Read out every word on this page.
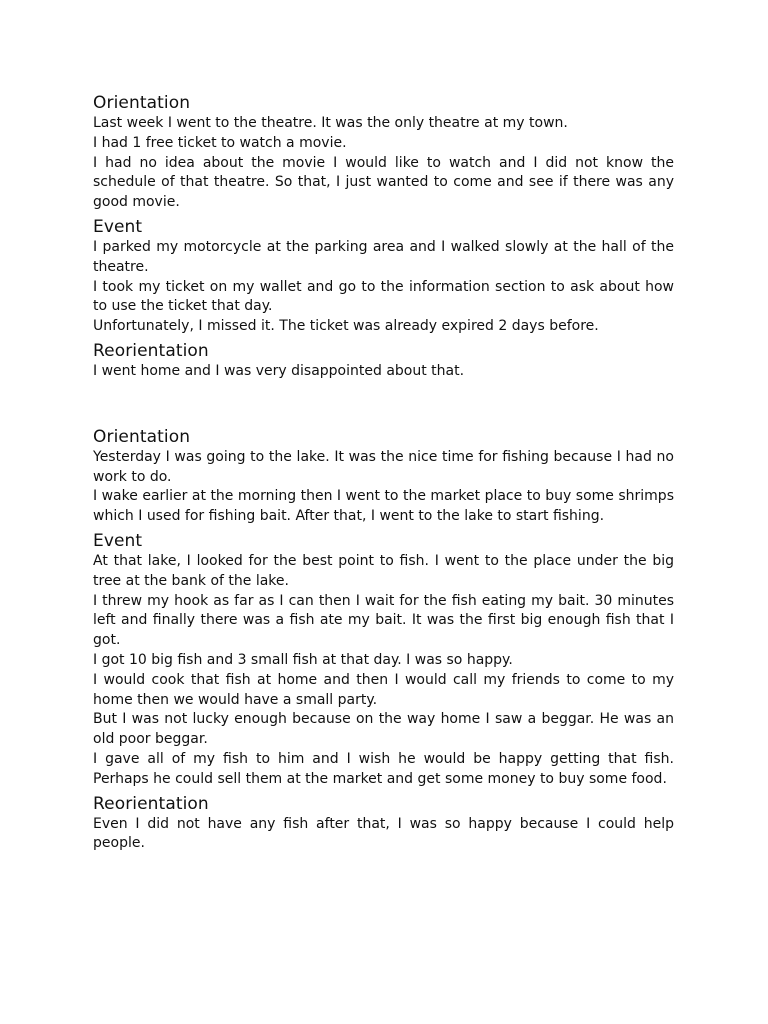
Orientation

Last week I went to the theatre. It was the only theatre at my town.

I had 1 free ticket to watch a movie.

I had no idea about the movie I would like to watch and I did not know the schedule of that theatre. So that, I just wanted to come and see if there was any good movie.

Event

I parked my motorcycle at the parking area and I walked slowly at the hall of the theatre.

I took my ticket on my wallet and go to the information section to ask about how to use the ticket that day.

Unfortunately, I missed it. The ticket was already expired 2 days before.

Reorientation

I went home and I was very disappointed about that.

Orientation

Yesterday I was going to the lake. It was the nice time for fishing because I had no work to do.

I wake earlier at the morning then I went to the market place to buy some shrimps which I used for fishing bait. After that, I went to the lake to start fishing.

Event

At that lake, I looked for the best point to fish. I went to the place under the big tree at the bank of the lake.

I threw my hook as far as I can then I wait for the fish eating my bait. 30 minutes left and finally there was a fish ate my bait. It was the first big enough fish that I got.

I got 10 big fish and 3 small fish at that day. I was so happy.

I would cook that fish at home and then I would call my friends to come to my home then we would have a small party.

But I was not lucky enough because on the way home I saw a beggar. He was an old poor beggar.

I gave all of my fish to him and I wish he would be happy getting that fish. Perhaps he could sell them at the market and get some money to buy some food.

Reorientation

Even I did not have any fish after that, I was so happy because I could help people.
